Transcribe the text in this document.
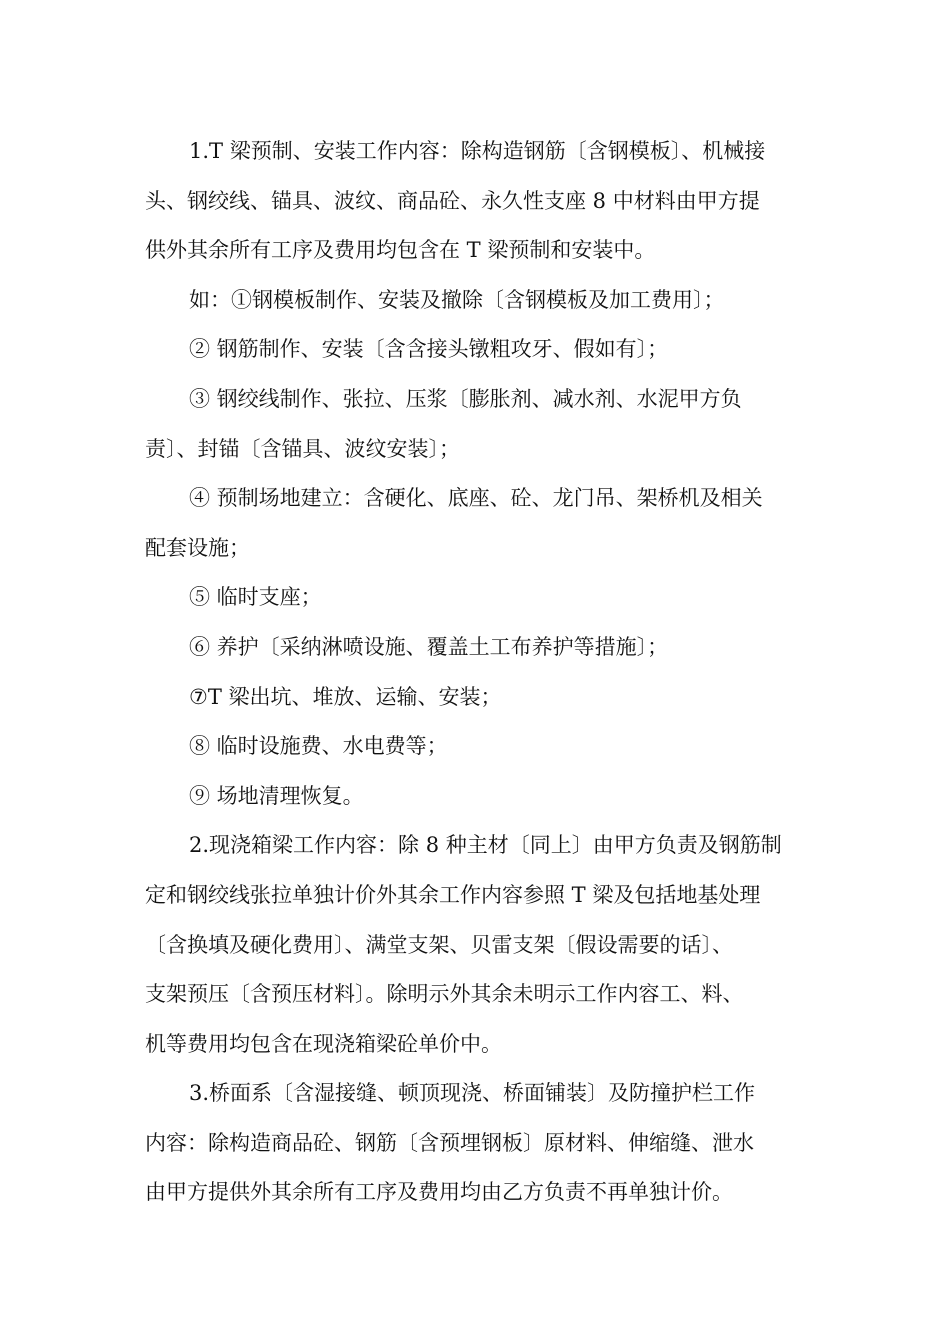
1.T 梁预制、安装工作内容：除构造钢筋〔含钢模板〕、机械接
头、钢绞线、锚具、波纹、商品砼、永久性支座 8 中材料由甲方提
供外其余所有工序及费用均包含在 T 梁预制和安装中。
如：①钢模板制作、安装及撤除〔含钢模板及加工费用〕；
② 钢筋制作、安装〔含含接头镦粗攻牙、假如有〕；
③ 钢绞线制作、张拉、压浆〔膨胀剂、减水剂、水泥甲方负
责〕、封锚〔含锚具、波纹安装〕；
④ 预制场地建立：含硬化、底座、砼、龙门吊、架桥机及相关
配套设施；
⑤ 临时支座；
⑥ 养护〔采纳淋喷设施、覆盖土工布养护等措施〕；
⑦T 梁出坑、堆放、运输、安装；
⑧ 临时设施费、水电费等；
⑨ 场地清理恢复。
2.现浇箱梁工作内容：除 8 种主材〔同上〕由甲方负责及钢筋制
定和钢绞线张拉单独计价外其余工作内容参照 T 梁及包括地基处理
〔含换填及硬化费用〕、满堂支架、贝雷支架〔假设需要的话〕、
支架预压〔含预压材料〕。除明示外其余未明示工作内容工、料、
机等费用均包含在现浇箱梁砼单价中。
3.桥面系〔含湿接缝、顿顶现浇、桥面铺装〕及防撞护栏工作
内容：除构造商品砼、钢筋〔含预埋钢板〕原材料、伸缩缝、泄水
由甲方提供外其余所有工序及费用均由乙方负责不再单独计价。
